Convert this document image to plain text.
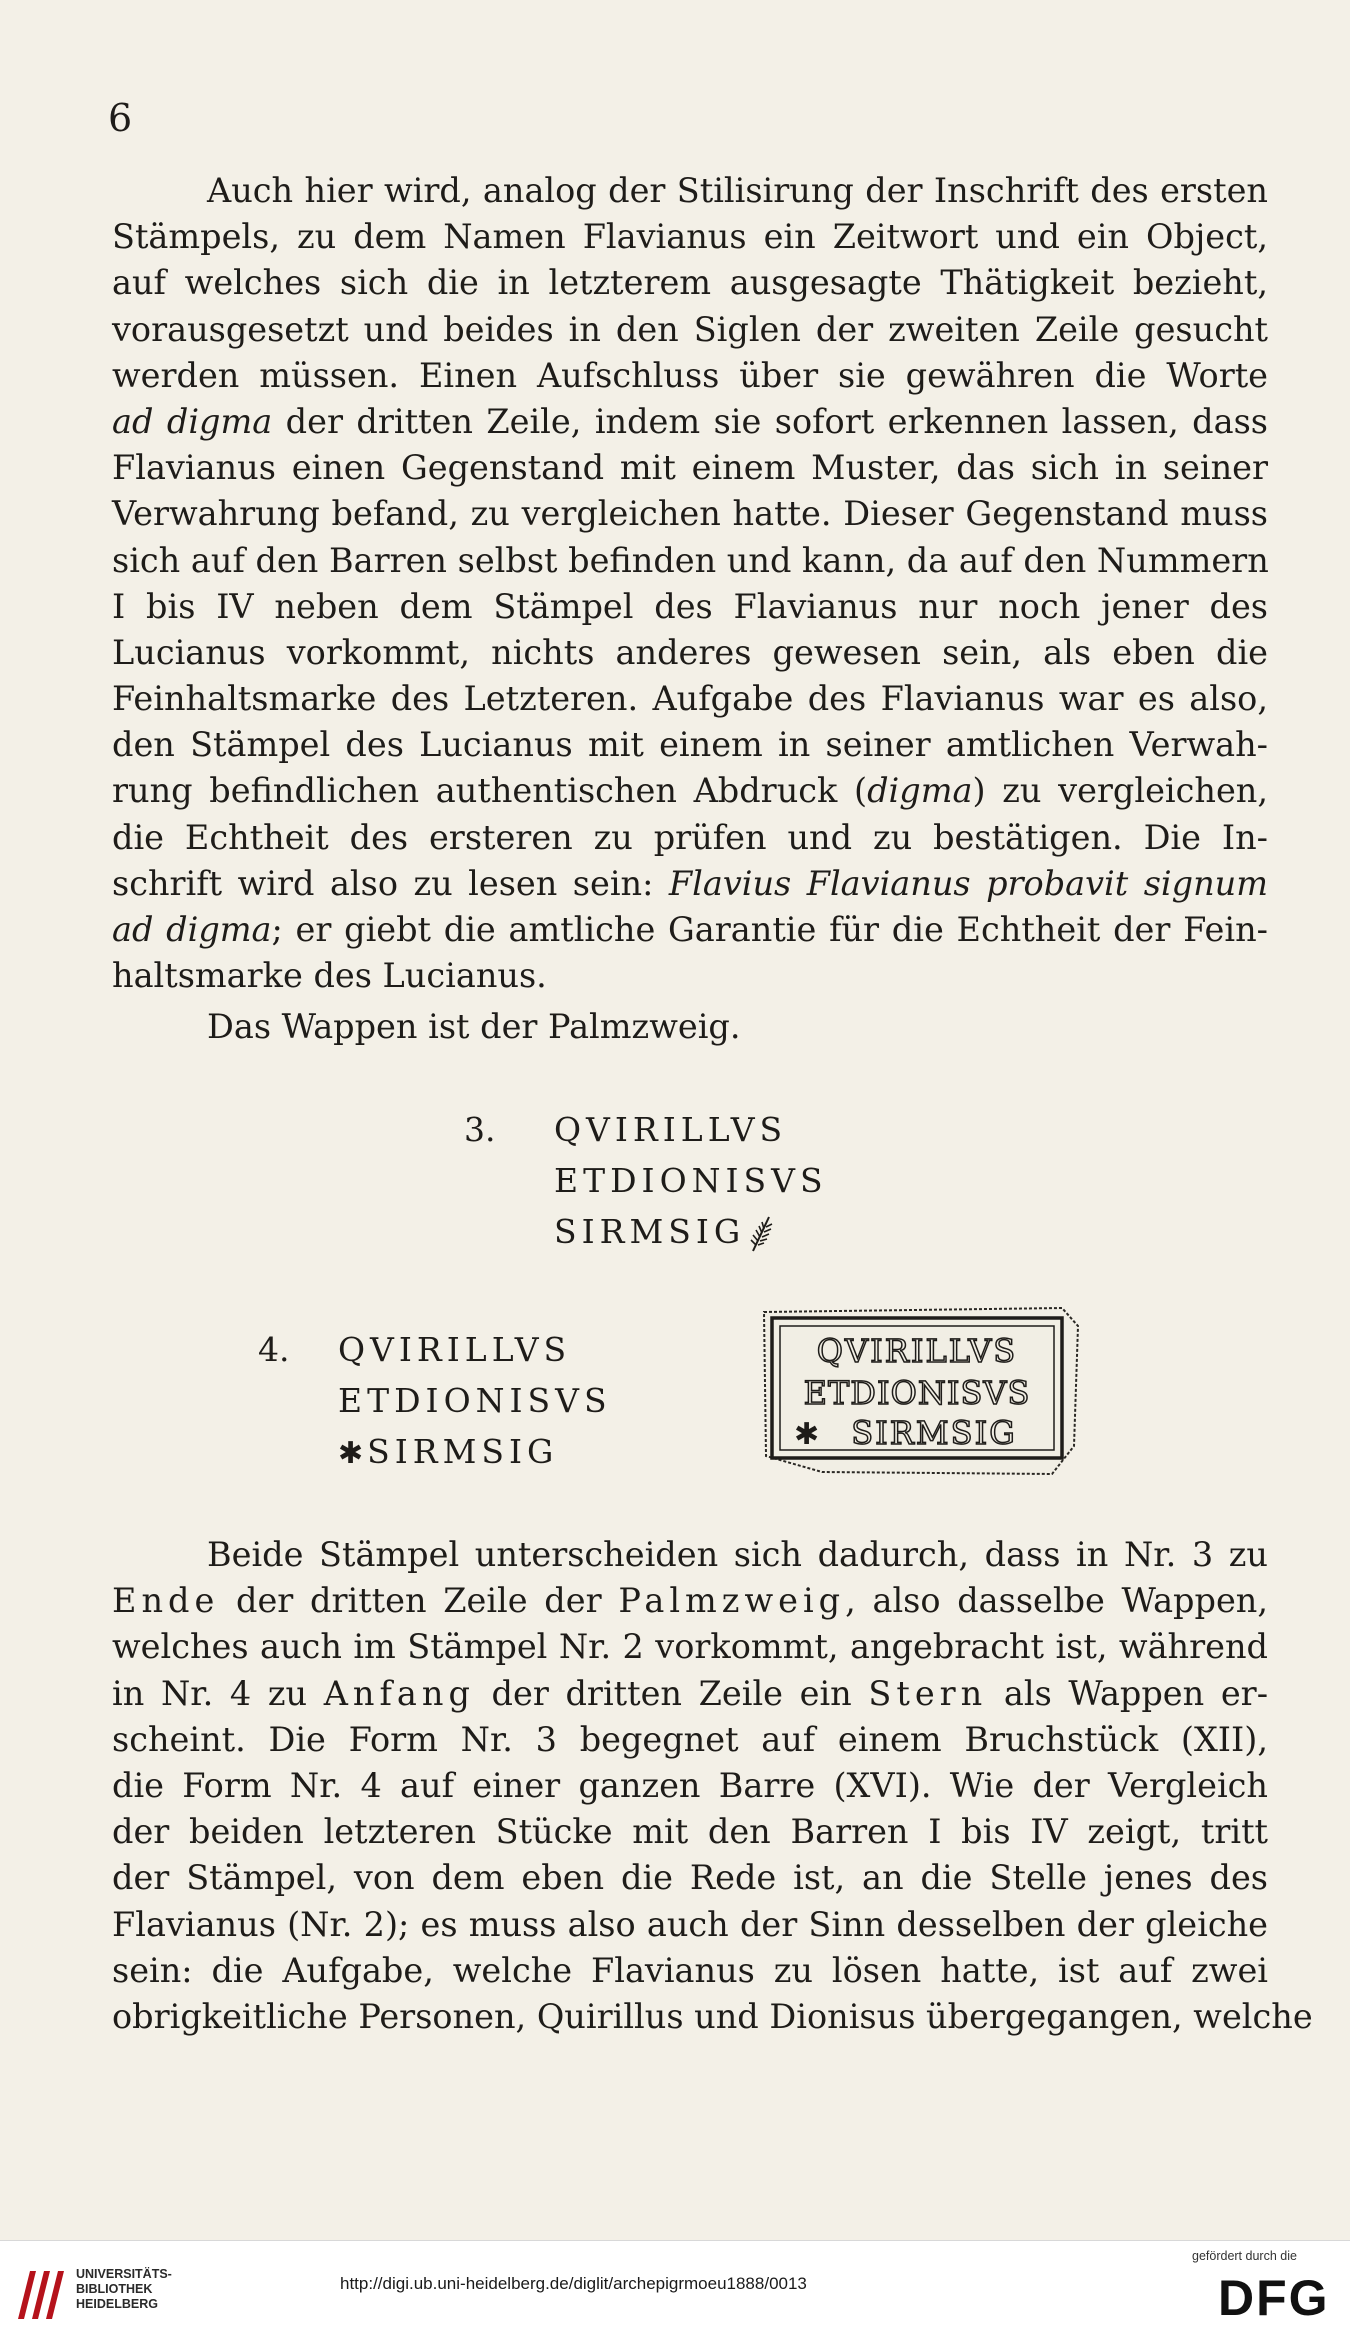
6
Auch hier wird, analog der Stilisirung der Inschrift des ersten
Stämpels, zu dem Namen Flavianus ein Zeitwort und ein Object,
auf welches sich die in letzterem ausgesagte Thätigkeit bezieht,
vorausgesetzt und beides in den Siglen der zweiten Zeile gesucht
werden müssen. Einen Aufschluss über sie gewähren die Worte
ad digma der dritten Zeile, indem sie sofort erkennen lassen, dass
Flavianus einen Gegenstand mit einem Muster, das sich in seiner
Verwahrung befand, zu vergleichen hatte. Dieser Gegenstand muss
sich auf den Barren selbst befinden und kann, da auf den Nummern
I bis IV neben dem Stämpel des Flavianus nur noch jener des
Lucianus vorkommt, nichts anderes gewesen sein, als eben die
Feinhaltsmarke des Letzteren. Aufgabe des Flavianus war es also,
den Stämpel des Lucianus mit einem in seiner amtlichen Verwah-
rung befindlichen authentischen Abdruck (digma) zu vergleichen,
die Echtheit des ersteren zu prüfen und zu bestätigen. Die In-
schrift wird also zu lesen sein: Flavius Flavianus probavit signum
ad digma; er giebt die amtliche Garantie für die Echtheit der Fein-
haltsmarke des Lucianus.
Das Wappen ist der Palmzweig.
3. QVIRILLVS
ETDIONISVS
SIRMSIG
4. QVIRILLVS
ETDIONISVS
✱ SIRMSIG
QVIRILLVS
ETDIONISVS
✱ SIRMSIG
Beide Stämpel unterscheiden sich dadurch, dass in Nr. 3 zu
Ende der dritten Zeile der Palmzweig, also dasselbe Wappen,
welches auch im Stämpel Nr. 2 vorkommt, angebracht ist, während
in Nr. 4 zu Anfang der dritten Zeile ein Stern als Wappen er-
scheint. Die Form Nr. 3 begegnet auf einem Bruchstück (XII),
die Form Nr. 4 auf einer ganzen Barre (XVI). Wie der Vergleich
der beiden letzteren Stücke mit den Barren I bis IV zeigt, tritt
der Stämpel, von dem eben die Rede ist, an die Stelle jenes des
Flavianus (Nr. 2); es muss also auch der Sinn desselben der gleiche
sein: die Aufgabe, welche Flavianus zu lösen hatte, ist auf zwei
obrigkeitliche Personen, Quirillus und Dionisus übergegangen, welche
UNIVERSITÄTS-
BIBLIOTHEK
HEIDELBERG
http://digi.ub.uni-heidelberg.de/diglit/archepigrmoeu1888/0013
gefördert durch die
DFG
